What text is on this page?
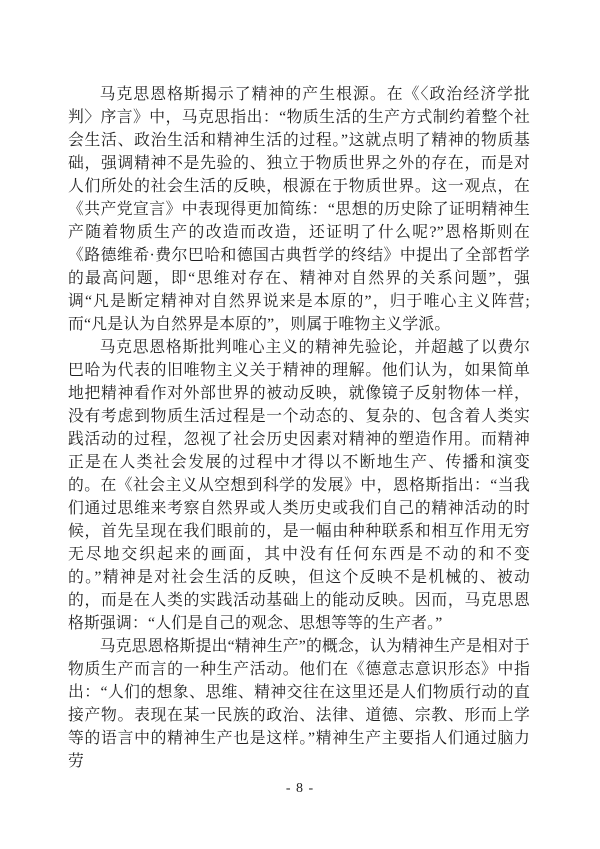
马克思恩格斯揭示了精神的产生根源。在《〈政治经济学批判〉序言》中，马克思指出：“物质生活的生产方式制约着整个社会生活、政治生活和精神生活的过程。”这就点明了精神的物质基础，强调精神不是先验的、独立于物质世界之外的存在，而是对人们所处的社会生活的反映，根源在于物质世界。这一观点，在《共产党宣言》中表现得更加简练：“思想的历史除了证明精神生产随着物质生产的改造而改造，还证明了什么呢?”恩格斯则在《路德维希·费尔巴哈和德国古典哲学的终结》中提出了全部哲学的最高问题，即“思维对存在、精神对自然界的关系问题”，强调“凡是断定精神对自然界说来是本原的”，归于唯心主义阵营;而“凡是认为自然界是本原的”，则属于唯物主义学派。

马克思恩格斯批判唯心主义的精神先验论，并超越了以费尔巴哈为代表的旧唯物主义关于精神的理解。他们认为，如果简单地把精神看作对外部世界的被动反映，就像镜子反射物体一样，没有考虑到物质生活过程是一个动态的、复杂的、包含着人类实践活动的过程，忽视了社会历史因素对精神的塑造作用。而精神正是在人类社会发展的过程中才得以不断地生产、传播和演变的。在《社会主义从空想到科学的发展》中，恩格斯指出：“当我们通过思维来考察自然界或人类历史或我们自己的精神活动的时候，首先呈现在我们眼前的，是一幅由种种联系和相互作用无穷无尽地交织起来的画面，其中没有任何东西是不动的和不变的。”精神是对社会生活的反映，但这个反映不是机械的、被动的，而是在人类的实践活动基础上的能动反映。因而，马克思恩格斯强调：“人们是自己的观念、思想等等的生产者。”

马克思恩格斯提出“精神生产”的概念，认为精神生产是相对于物质生产而言的一种生产活动。他们在《德意志意识形态》中指出：“人们的想象、思维、精神交往在这里还是人们物质行动的直接产物。表现在某一民族的政治、法律、道德、宗教、形而上学等的语言中的精神生产也是这样。”精神生产主要指人们通过脑力劳

- 8 -
